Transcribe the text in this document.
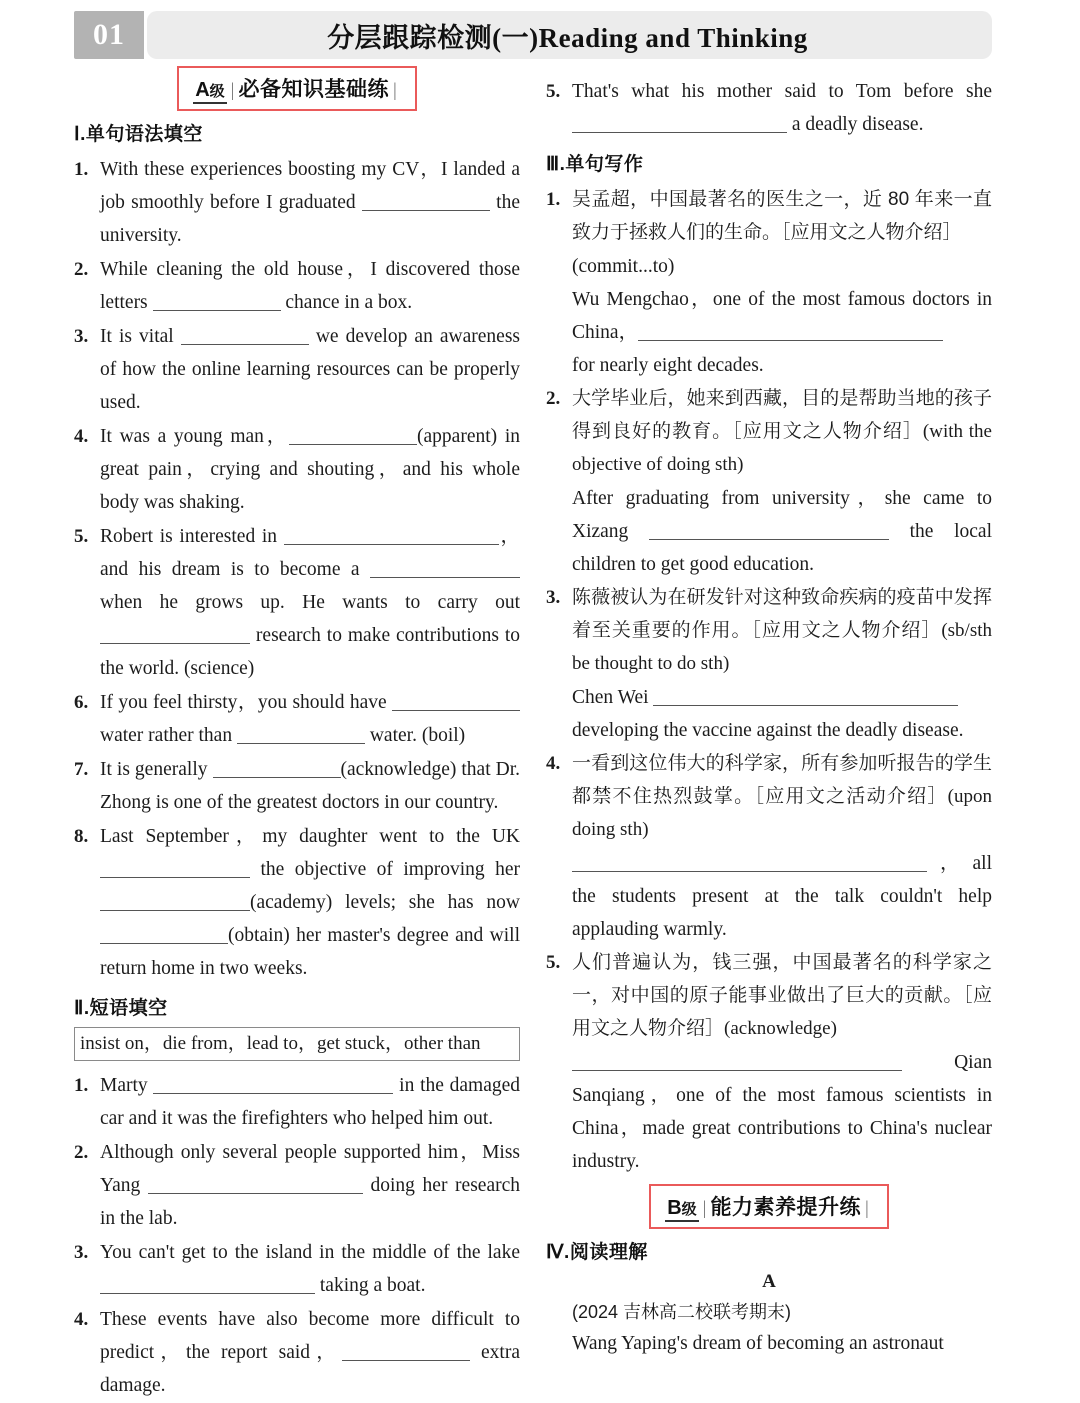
01	分层跟踪检测(一)Reading and Thinking
A级 | 必备知识基础练 |
Ⅰ.单句语法填空
1. With these experiences boosting my CV，I landed a job smoothly before I graduated	the university.
2. While cleaning the old house，I discovered those letters	chance in a box.
3. It is vital	we develop an awareness of how the online learning resources can be properly used.
4. It was a young man，	(apparent) in great pain，crying and shouting，and his whole body was shaking.
5. Robert is interested in	，and his dream is to become a  when he grows up. He wants to carry out  research to make contributions to the world. (science)
6. If you feel thirsty，you should have  water rather than	water. (boil)
7. It is generally	(acknowledge) that Dr. Zhong is one of the greatest doctors in our country.
8. Last September，my daughter went to the UK  the objective of improving her (academy) levels; she has now (obtain) her master's degree and will return home in two weeks.
Ⅱ.短语填空
insist on，die from，lead to，get stuck，other than
1. Marty	in the damaged car and it was the firefighters who helped him out.
2. Although only several people supported him，Miss Yang	doing her research in the lab.
3. You can't get to the island in the middle of the lake  taking a boat.
4. These events have also become more difficult to predict，the report said，	extra damage.
5. That's what his mother said to Tom before she  a deadly disease.
Ⅲ.单句写作
1. 吴孟超，中国最著名的医生之一，近 80 年来一直致力于拯救人们的生命。［应用文之人物介绍］
(commit...to)
Wu Mengchao，one of the most famous doctors in China，
for nearly eight decades.
2. 大学毕业后，她来到西藏，目的是帮助当地的孩子得到良好的教育。［应用文之人物介绍］(with the objective of doing sth)
After graduating from university，she came to Xizang	the local children to get good education.
3. 陈薇被认为在研发针对这种致命疾病的疫苗中发挥着至关重要的作用。［应用文之人物介绍］(sb/sth be thought to do sth)
Chen Wei
developing the vaccine against the deadly disease.
4. 一看到这位伟大的科学家，所有参加听报告的学生都禁不住热烈鼓掌。［应用文之活动介绍］(upon doing sth)
，all the students present at the talk couldn't help applauding warmly.
5. 人们普遍认为，钱三强，中国最著名的科学家之一，对中国的原子能事业做出了巨大的贡献。［应用文之人物介绍］(acknowledge)
Qian Sanqiang，one of the most famous scientists in China，made great contributions to China's nuclear industry.
B级 | 能力素养提升练 |
Ⅳ.阅读理解
A
(2024 吉林高二校联考期末)
Wang Yaping's dream of becoming an astronaut
